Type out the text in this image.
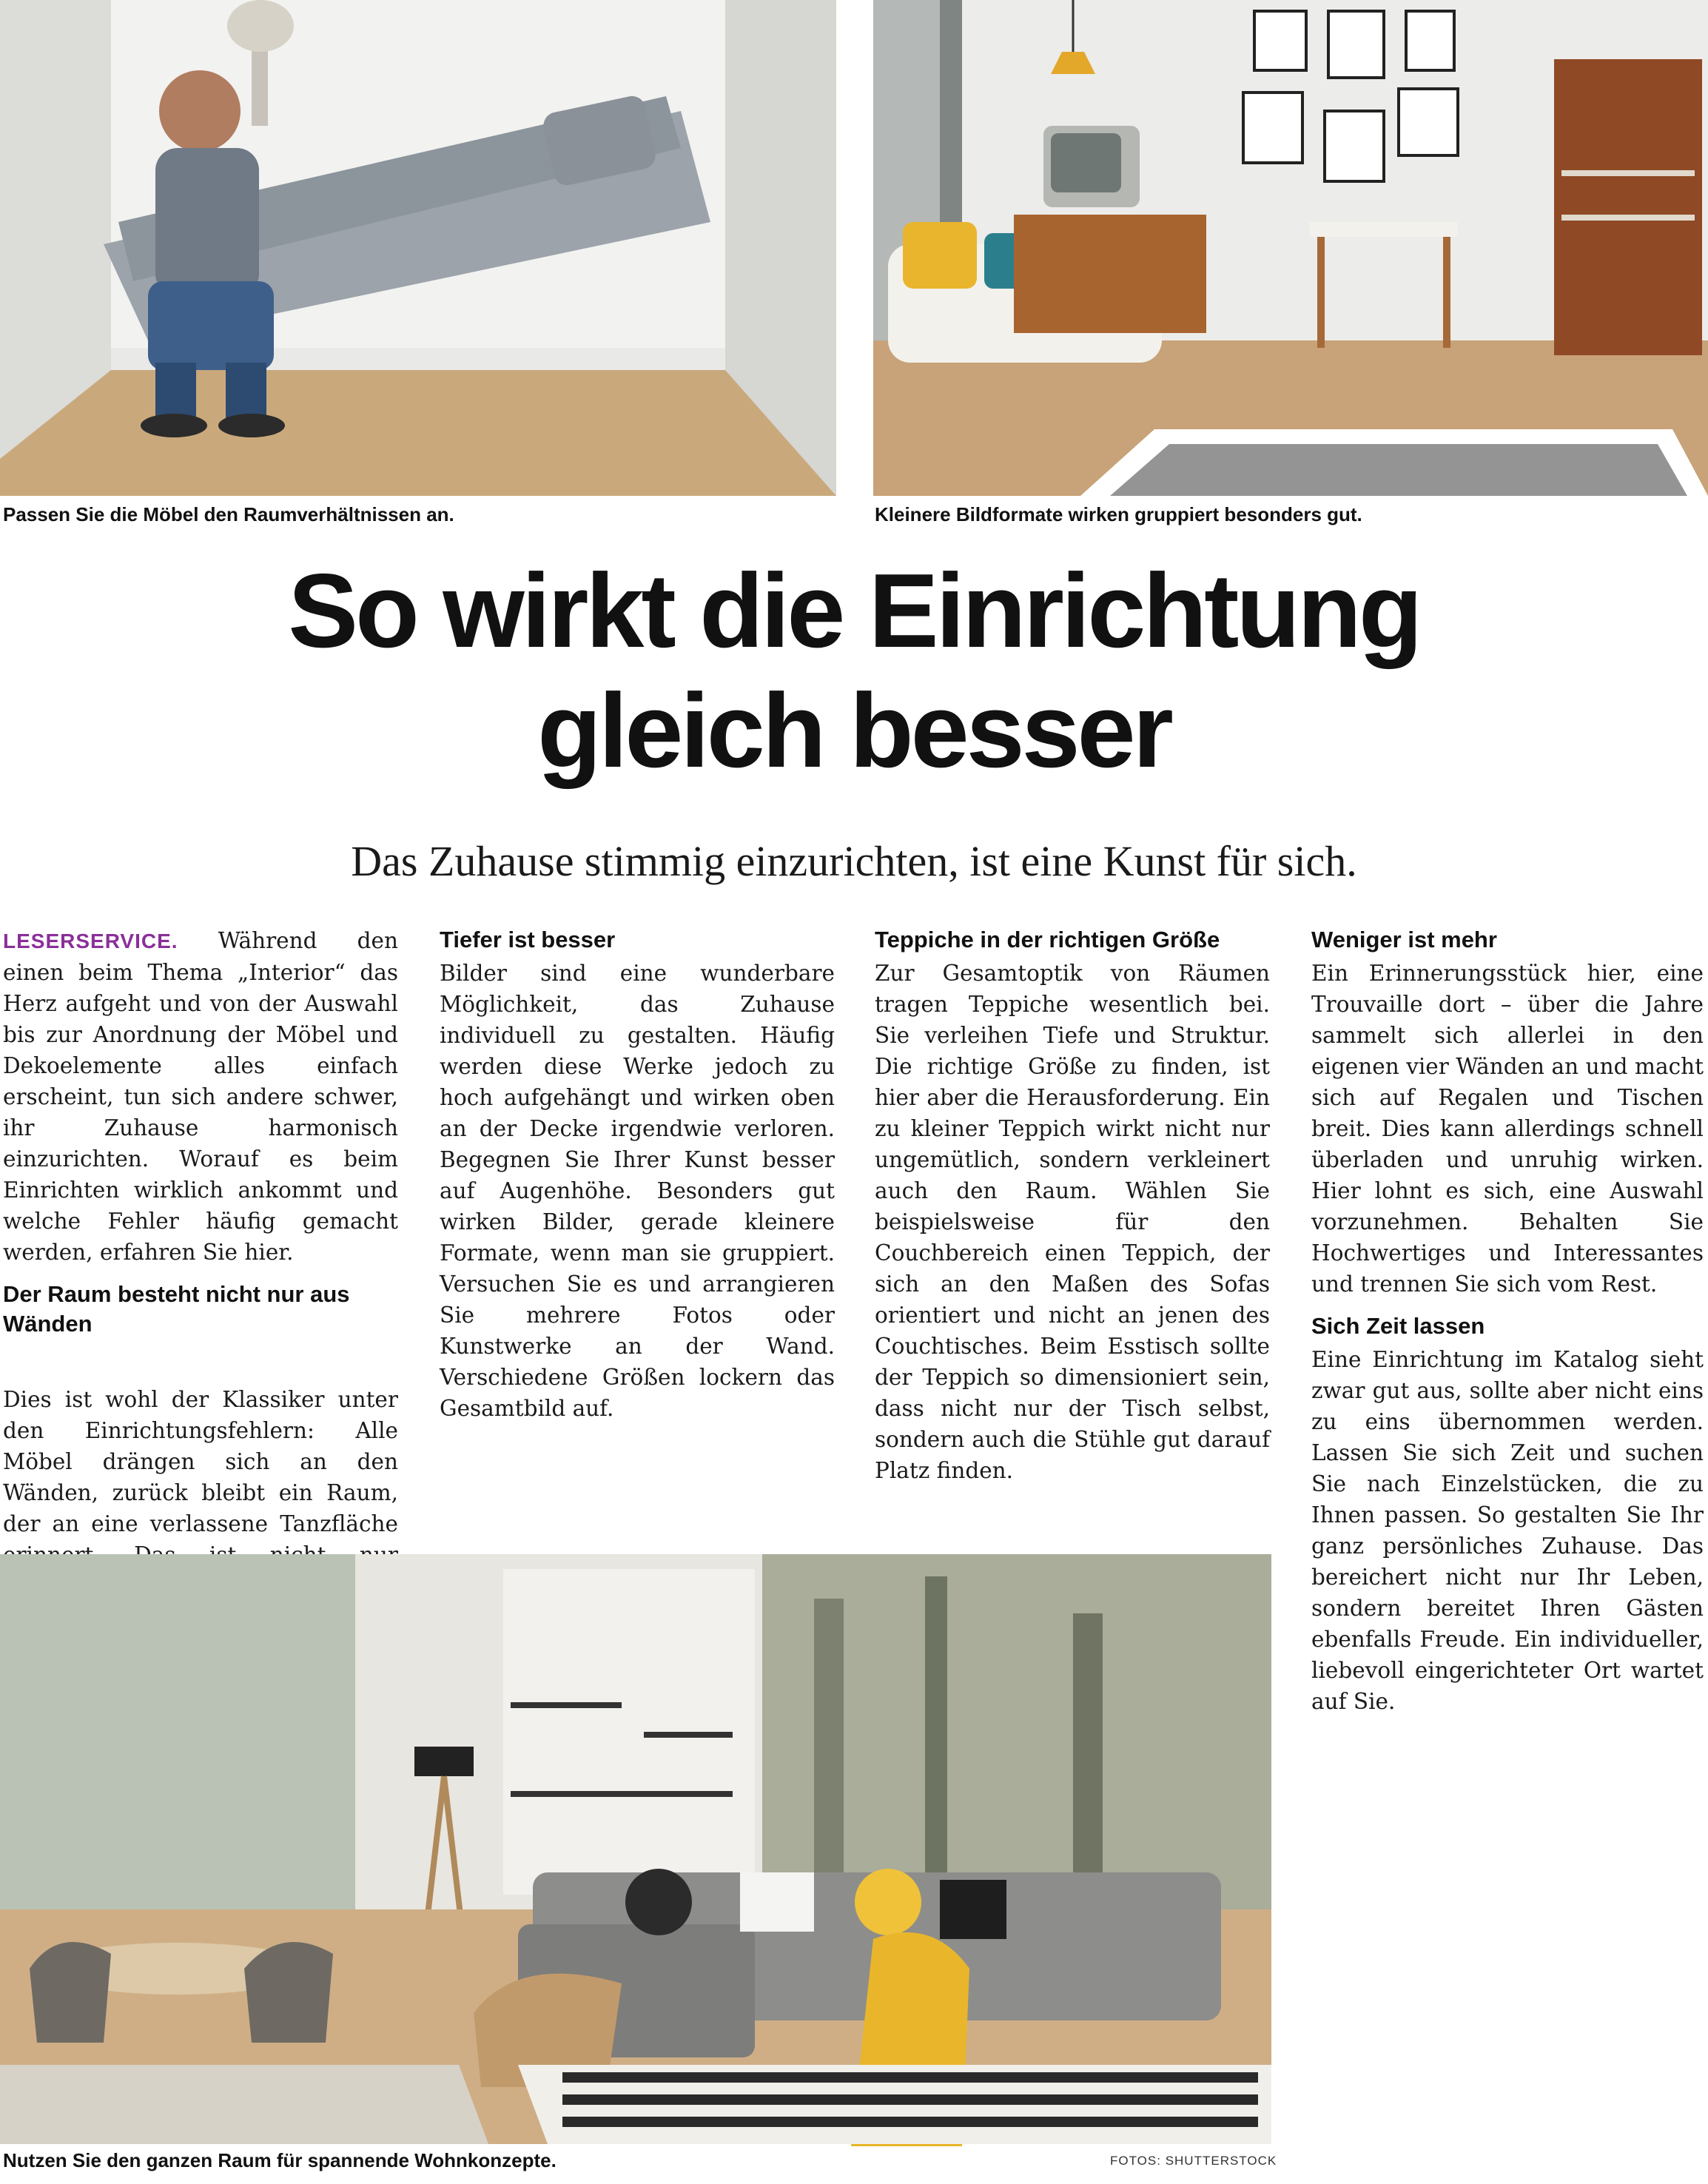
Passen Sie die Möbel den Raumverhältnissen an.	Kleinere Bildformate wirken gruppiert besonders gut.
So wirkt die Einrichtung
gleich besser
Das Zuhause stimmig einzurichten, ist eine Kunst für sich.

LESERSERVICE. Während den einen beim Thema „Interior“ das Herz aufgeht und von der Auswahl bis zur Anordnung der Möbel und Dekoelemente alles einfach erscheint, tun sich andere schwer, ihr Zuhause harmonisch einzurichten. Worauf es beim Einrichten wirklich ankommt und welche Fehler häufig gemacht werden, erfahren Sie hier.

Der Raum besteht nicht nur aus Wänden

Dies ist wohl der Klassiker unter den Einrichtungsfehlern: Alle Möbel drängen sich an den Wänden, zurück bleibt ein Raum, der an eine verlassene Tanzfläche

Tiefer ist besser

Bilder sind eine wunderbare Möglichkeit, das Zuhause individuell zu gestalten. Häufig werden diese Werke jedoch zu hoch aufgehängt und wirken oben an der Decke irgendwie verloren. Begegnen Sie Ihrer Kunst besser auf Augenhöhe. Besonders gut wirken Bilder, gerade kleinere Formate, wenn man sie gruppiert. Versuchen Sie es und arrangieren Sie mehrere Fotos oder Kunstwerke an der Wand. Verschiedene Größen lockern das Gesamtbild auf.

Teppiche in der richtigen Größe

Zur Gesamtoptik von Räumen tragen Teppiche wesentlich bei. Sie verleihen Tiefe und Struktur. Die richtige Größe zu finden, ist hier aber die Herausforderung. Ein zu kleiner Teppich wirkt nicht nur ungemütlich, sondern verkleinert auch den Raum. Wählen Sie beispielsweise für den Couchbereich einen Teppich, der sich an den Maßen des Sofas orientiert und nicht an jenen des Couchtisches. Beim Esstisch sollte der Teppich so dimensioniert sein, dass nicht nur der Tisch selbst, sondern auch die Stühle gut darauf Platz finden.

Weniger ist mehr

Ein Erinnerungsstück hier, eine Trouvaille dort – über die Jahre sammelt sich allerlei in den eigenen vier Wänden an und macht sich auf Regalen und Tischen breit. Dies kann allerdings schnell überladen und unruhig wirken. Hier lohnt es sich, eine Auswahl vorzunehmen. Behalten Sie Hochwertiges und Interessantes und trennen Sie sich vom Rest.

Sich Zeit lassen

Eine Einrichtung im Katalog sieht zwar gut aus, sollte aber nicht eins zu eins übernommen werden. Lassen Sie sich Zeit und suchen Sie nach Einzelstücken, die zu Ihnen passen. So gestalten Sie Ihr ganz persönliches Zuhause. Das bereichert nicht nur Ihr Leben, sondern bereitet Ihren Gästen ebenfalls Freude. Ein individueller, liebevoll eingerichteter Ort wartet auf Sie.

Nutzen Sie den ganzen Raum für spannende Wohnkonzepte.	FOTOS: SHUTTERSTOCK
